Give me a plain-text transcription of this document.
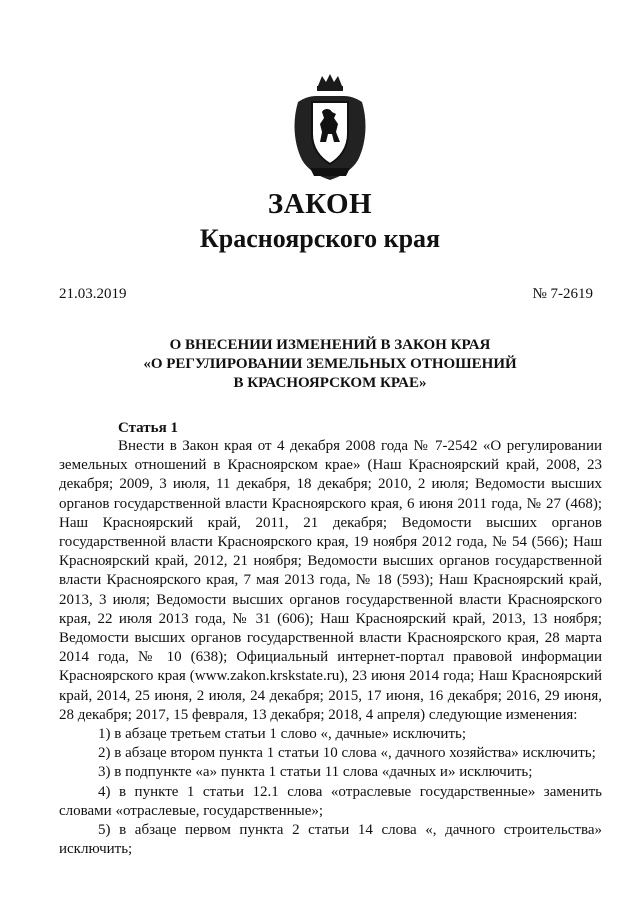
ЗАКОН
Красноярского края
21.03.2019	№ 7-2619
О ВНЕСЕНИИ ИЗМЕНЕНИЙ В ЗАКОН КРАЯ
«О РЕГУЛИРОВАНИИ ЗЕМЕЛЬНЫХ ОТНОШЕНИЙ
В КРАСНОЯРСКОМ КРАЕ»
Статья 1

Внести в Закон края от 4 декабря 2008 года № 7-2542 «О регулировании земельных отношений в Красноярском крае» (Наш Красноярский край, 2008, 23 декабря; 2009, 3 июля, 11 декабря, 18 декабря; 2010, 2 июля; Ведомости высших органов государственной власти Красноярского края, 6 июня 2011 года, № 27 (468); Наш Красноярский край, 2011, 21 декабря; Ведомости высших органов государственной власти Красноярского края, 19 ноября 2012 года, № 54 (566); Наш Красноярский край, 2012, 21 ноября; Ведомости высших органов государственной власти Красноярского края, 7 мая 2013 года, № 18 (593); Наш Красноярский край, 2013, 3 июля; Ведомости высших органов государственной власти Красноярского края, 22 июля 2013 года, № 31 (606); Наш Красноярский край, 2013, 13 ноября; Ведомости высших органов государственной власти Красноярского края, 28 марта 2014 года, № 10 (638); Официальный интернет-портал правовой информации Красноярского края (www.zakon.krskstate.ru), 23 июня 2014 года; Наш Красноярский край, 2014, 25 июня, 2 июля, 24 декабря; 2015, 17 июня, 16 декабря; 2016, 29 июня, 28 декабря; 2017, 15 февраля, 13 декабря; 2018, 4 апреля) следующие изменения:

1) в абзаце третьем статьи 1 слово «, дачные» исключить;

2) в абзаце втором пункта 1 статьи 10 слова «, дачного хозяйства» исключить;

3) в подпункте «а» пункта 1 статьи 11 слова «дачных и» исключить;

4) в пункте 1 статьи 12.1 слова «отраслевые государственные» заменить словами «отраслевые, государственные»;

5) в абзаце первом пункта 2 статьи 14 слова «, дачного строительства» исключить;
